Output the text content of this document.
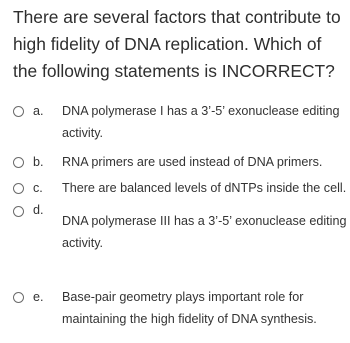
There are several factors that contribute to high fidelity of DNA replication. Which of the following statements is INCORRECT?
a. DNA polymerase I has a 3’-5’ exonuclease editing activity.
b. RNA primers are used instead of DNA primers.
c. There are balanced levels of dNTPs inside the cell.
d.
DNA polymerase III has a 3’-5’ exonuclease editing activity.
e. Base-pair geometry plays important role for maintaining the high fidelity of DNA synthesis.
